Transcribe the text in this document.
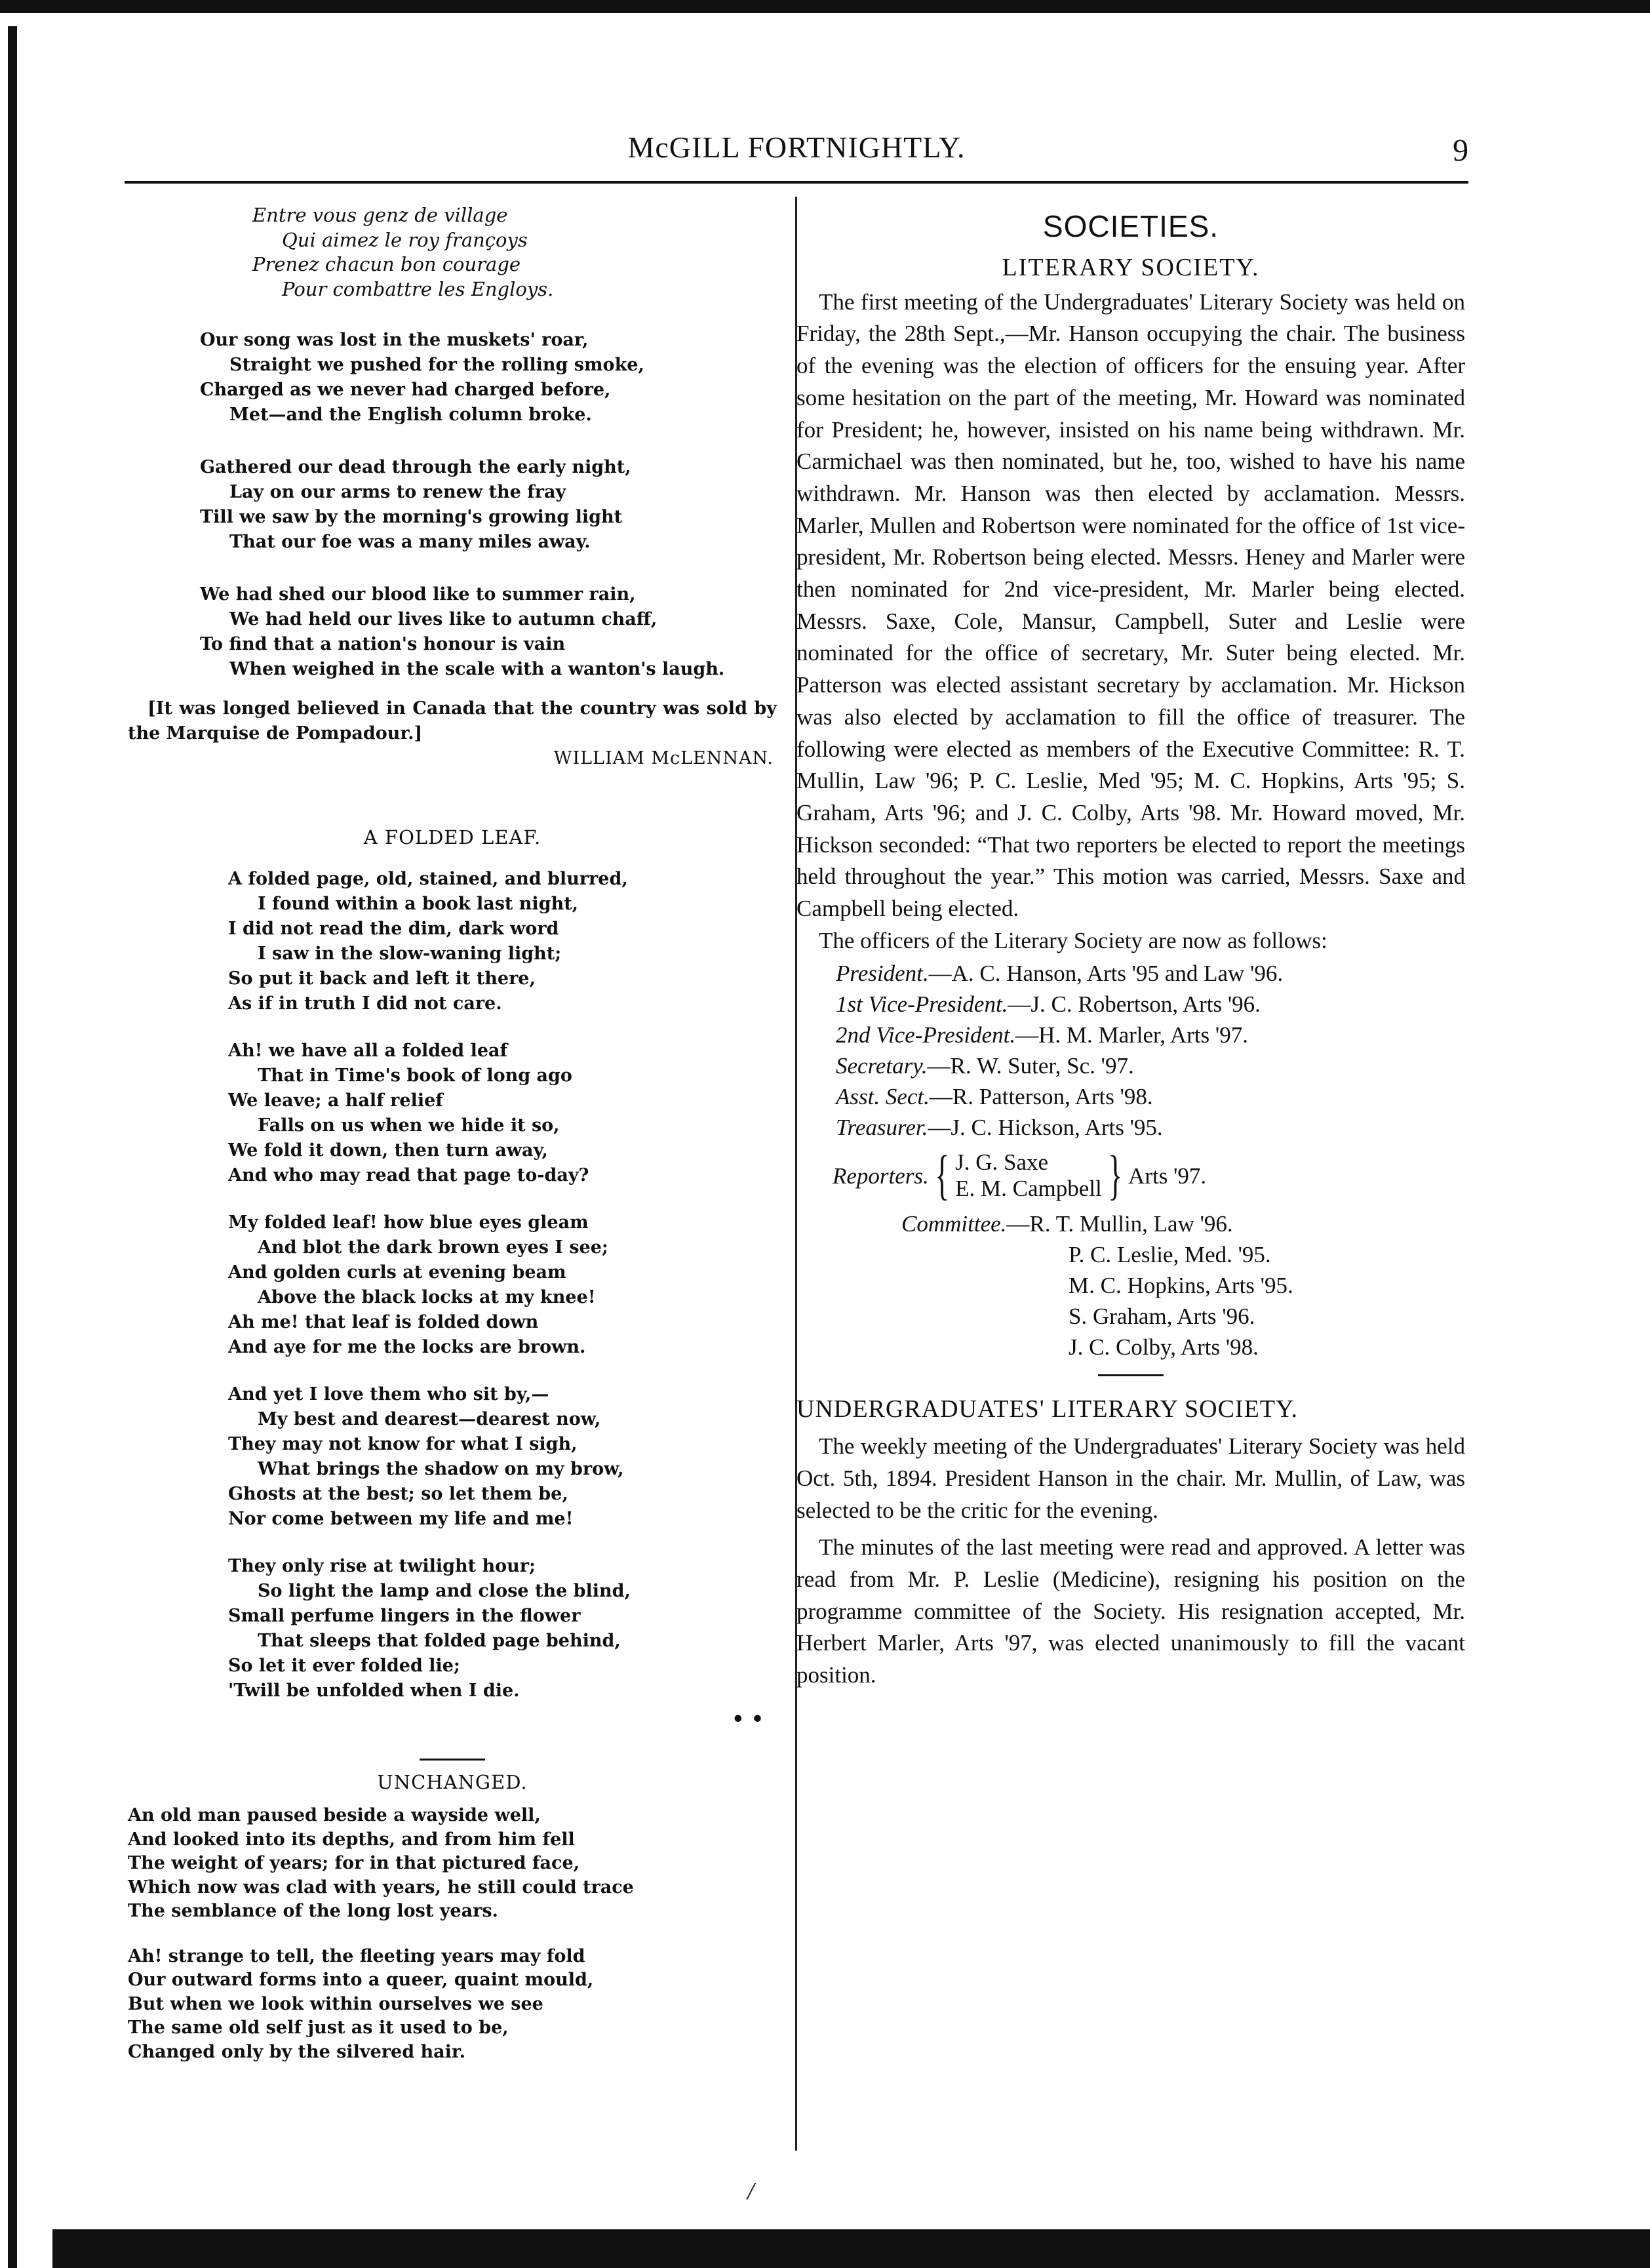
McGILL FORTNIGHTLY.	9
Entre vous genz de village
Qui aimez le roy françoys
Prenez chacun bon courage
Pour combattre les Engloys.
Our song was lost in the muskets' roar,
Straight we pushed for the rolling smoke,
Charged as we never had charged before,
Met—and the English column broke.
Gathered our dead through the early night,
Lay on our arms to renew the fray
Till we saw by the morning's growing light
That our foe was a many miles away.
We had shed our blood like to summer rain,
We had held our lives like to autumn chaff,
To find that a nation's honour is vain
When weighed in the scale with a wanton's laugh.
[It was longed believed in Canada that the country was sold by the Marquise de Pompadour.]
WILLIAM McLENNAN.
A FOLDED LEAF.
A folded page, old, stained, and blurred,
I found within a book last night,
I did not read the dim, dark word
I saw in the slow-waning light;
So put it back and left it there,
As if in truth I did not care.
Ah! we have all a folded leaf
That in Time's book of long ago
We leave; a half relief
Falls on us when we hide it so,
We fold it down, then turn away,
And who may read that page to-day?
My folded leaf! how blue eyes gleam
And blot the dark brown eyes I see;
And golden curls at evening beam
Above the black locks at my knee!
Ah me! that leaf is folded down
And aye for me the locks are brown.
And yet I love them who sit by,—
My best and dearest—dearest now,
They may not know for what I sigh,
What brings the shadow on my brow,
Ghosts at the best; so let them be,
Nor come between my life and me!
They only rise at twilight hour;
So light the lamp and close the blind,
Small perfume lingers in the flower
That sleeps that folded page behind,
So let it ever folded lie;
'Twill be unfolded when I die.
• •
UNCHANGED.
An old man paused beside a wayside well,
And looked into its depths, and from him fell
The weight of years; for in that pictured face,
Which now was clad with years, he still could trace
The semblance of the long lost years.
Ah! strange to tell, the fleeting years may fold
Our outward forms into a queer, quaint mould,
But when we look within ourselves we see
The same old self just as it used to be,
Changed only by the silvered hair.
SOCIETIES.
LITERARY SOCIETY.
The first meeting of the Undergraduates' Literary Society was held on Friday, the 28th Sept.,—Mr. Hanson occupying the chair. The business of the evening was the election of officers for the ensuing year. After some hesitation on the part of the meeting, Mr. Howard was nominated for President; he, however, insisted on his name being withdrawn. Mr. Carmichael was then nominated, but he, too, wished to have his name withdrawn. Mr. Hanson was then elected by acclamation. Messrs. Marler, Mullen and Robertson were nominated for the office of 1st vice-president, Mr. Robertson being elected. Messrs. Heney and Marler were then nominated for 2nd vice-president, Mr. Marler being elected. Messrs. Saxe, Cole, Mansur, Campbell, Suter and Leslie were nominated for the office of secretary, Mr. Suter being elected. Mr. Patterson was elected assistant secretary by acclamation. Mr. Hickson was also elected by acclamation to fill the office of treasurer. The following were elected as members of the Executive Committee: R. T. Mullin, Law '96; P. C. Leslie, Med '95; M. C. Hopkins, Arts '95; S. Graham, Arts '96; and J. C. Colby, Arts '98. Mr. Howard moved, Mr. Hickson seconded: “That two reporters be elected to report the meetings held throughout the year.” This motion was carried, Messrs. Saxe and Campbell being elected.
The officers of the Literary Society are now as follows:
President.—A. C. Hanson, Arts '95 and Law '96.
1st Vice-President.—J. C. Robertson, Arts '96.
2nd Vice-President.—H. M. Marler, Arts '97.
Secretary.—R. W. Suter, Sc. '97.
Asst. Sect.—R. Patterson, Arts '98.
Treasurer.—J. C. Hickson, Arts '95.
Reporters. { J. G. Saxe
E. M. Campbell } Arts '97.
Committee.—R. T. Mullin, Law '96.
P. C. Leslie, Med. '95.
M. C. Hopkins, Arts '95.
S. Graham, Arts '96.
J. C. Colby, Arts '98.
UNDERGRADUATES' LITERARY SOCIETY.
The weekly meeting of the Undergraduates' Literary Society was held Oct. 5th, 1894. President Hanson in the chair. Mr. Mullin, of Law, was selected to be the critic for the evening.
The minutes of the last meeting were read and approved. A letter was read from Mr. P. Leslie (Medicine), resigning his position on the programme committee of the Society. His resignation accepted, Mr. Herbert Marler, Arts '97, was elected unanimously to fill the vacant position.
/
